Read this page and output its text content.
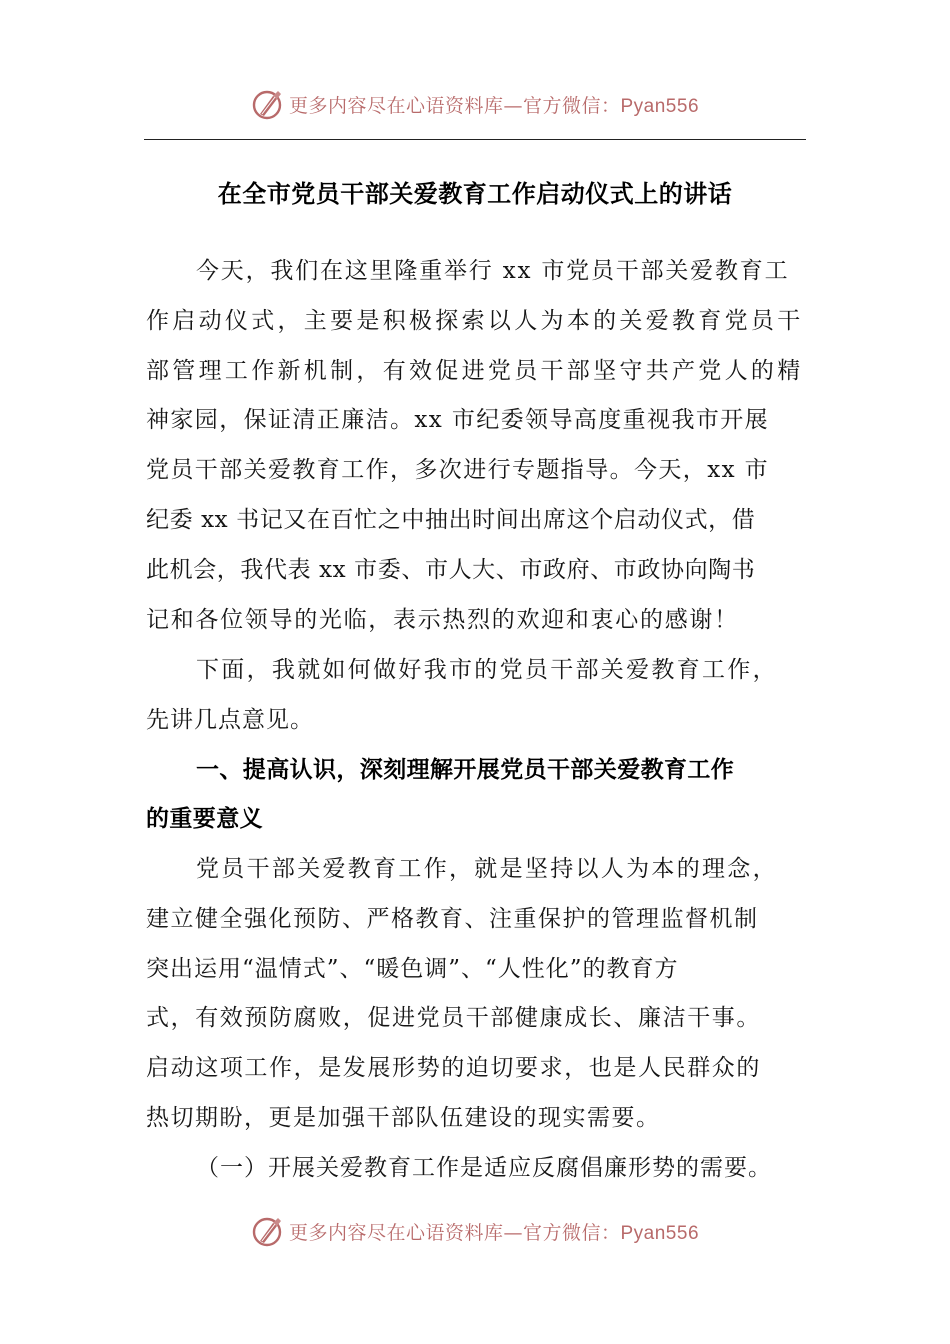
更多内容尽在心语资料库—官方微信：Pyan556
在全市党员干部关爱教育工作启动仪式上的讲话
今天，我们在这里隆重举行 xx 市党员干部关爱教育工
作启动仪式，主要是积极探索以人为本的关爱教育党员干
部管理工作新机制，有效促进党员干部坚守共产党人的精
神家园，保证清正廉洁。xx 市纪委领导高度重视我市开展
党员干部关爱教育工作，多次进行专题指导。今天，xx 市
纪委 xx 书记又在百忙之中抽出时间出席这个启动仪式，借
此机会，我代表 xx 市委、市人大、市政府、市政协向陶书
记和各位领导的光临，表示热烈的欢迎和衷心的感谢！
下面，我就如何做好我市的党员干部关爱教育工作，
先讲几点意见。
一、提高认识，深刻理解开展党员干部关爱教育工作
的重要意义
党员干部关爱教育工作，就是坚持以人为本的理念，
建立健全强化预防、严格教育、注重保护的管理监督机制
突出运用“温情式”、“暖色调”、“人性化”的教育方
式，有效预防腐败，促进党员干部健康成长、廉洁干事。
启动这项工作，是发展形势的迫切要求，也是人民群众的
热切期盼，更是加强干部队伍建设的现实需要。
（一）开展关爱教育工作是适应反腐倡廉形势的需要。
更多内容尽在心语资料库—官方微信：Pyan556
